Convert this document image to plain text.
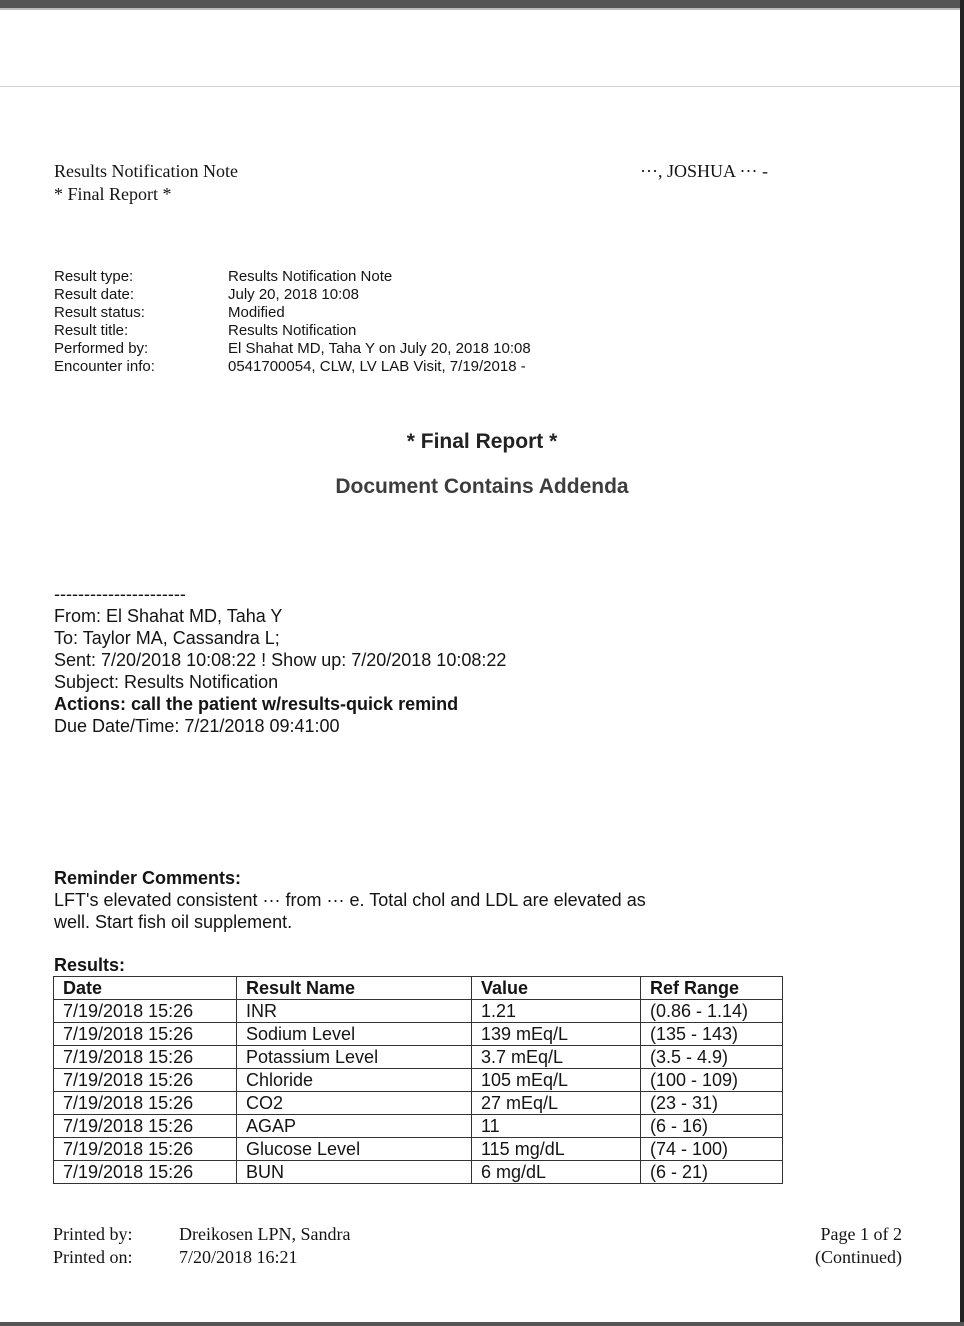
Results Notification Note
* Final Report *
···, JOSHUA ··· -
Result type:	Results Notification Note
Result date:	July 20, 2018 10:08
Result status:	Modified
Result title:	Results Notification
Performed by:	El Shahat MD, Taha Y on July 20, 2018 10:08
Encounter info:	0541700054, CLW, LV LAB Visit, 7/19/2018 -
* Final Report *
Document Contains Addenda
----------------------
From: El Shahat MD, Taha Y
To: Taylor MA, Cassandra L;
Sent: 7/20/2018 10:08:22 ! Show up: 7/20/2018 10:08:22
Subject: Results Notification
Actions: call the patient w/results-quick remind
Due Date/Time: 7/21/2018 09:41:00
Reminder Comments:
LFT's elevated consistent ··· from ··· e. Total chol and LDL are elevated as
well. Start fish oil supplement.
Results:
Date	Result Name	Value	Ref Range
7/19/2018 15:26	INR	1.21	(0.86 - 1.14)
7/19/2018 15:26	Sodium Level	139 mEq/L	(135 - 143)
7/19/2018 15:26	Potassium Level	3.7 mEq/L	(3.5 - 4.9)
7/19/2018 15:26	Chloride	105 mEq/L	(100 - 109)
7/19/2018 15:26	CO2	27 mEq/L	(23 - 31)
7/19/2018 15:26	AGAP	11	(6 - 16)
7/19/2018 15:26	Glucose Level	115 mg/dL	(74 - 100)
7/19/2018 15:26	BUN	6 mg/dL	(6 - 21)
Printed by:	Dreikosen LPN, Sandra
Printed on:	7/20/2018 16:21
Page 1 of 2
(Continued)
